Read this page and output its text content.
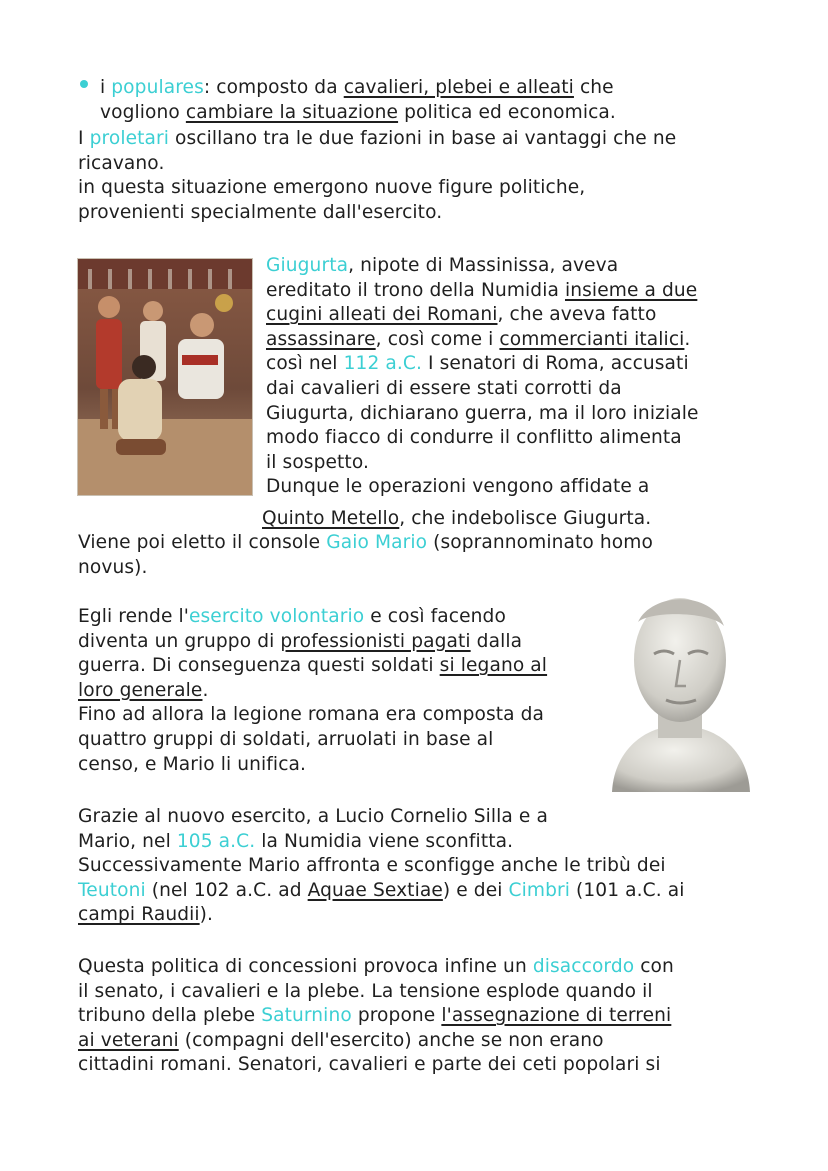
i populares: composto da cavalieri, plebei e alleati che
vogliono cambiare la situazione politica ed economica.
I proletari oscillano tra le due fazioni in base ai vantaggi che ne
ricavano.
in questa situazione emergono nuove figure politiche,
provenienti specialmente dall'esercito.
Giugurta, nipote di Massinissa, aveva
ereditato il trono della Numidia insieme a due
cugini alleati dei Romani, che aveva fatto
assassinare, così come i commercianti italici.
così nel 112 a.C. I senatori di Roma, accusati
dai cavalieri di essere stati corrotti da
Giugurta, dichiarano guerra, ma il loro iniziale
modo fiacco di condurre il conflitto alimenta
il sospetto.
Dunque le operazioni vengono affidate a
Quinto Metello, che indebolisce Giugurta.
Viene poi eletto il console Gaio Mario (soprannominato homo
novus).
Egli rende l'esercito volontario e così facendo
diventa un gruppo di professionisti pagati dalla
guerra. Di conseguenza questi soldati si legano al
loro generale.
Fino ad allora la legione romana era composta da
quattro gruppi di soldati, arruolati in base al
censo, e Mario li unifica.
Grazie al nuovo esercito, a Lucio Cornelio Silla e a
Mario, nel 105 a.C. la Numidia viene sconfitta.
Successivamente Mario affronta e sconfigge anche le tribù dei
Teutoni (nel 102 a.C. ad Aquae Sextiae) e dei Cimbri (101 a.C. ai
campi Raudii).
Questa politica di concessioni provoca infine un disaccordo con
il senato, i cavalieri e la plebe. La tensione esplode quando il
tribuno della plebe Saturnino propone l'assegnazione di terreni
ai veterani (compagni dell'esercito) anche se non erano
cittadini romani. Senatori, cavalieri e parte dei ceti popolari si
